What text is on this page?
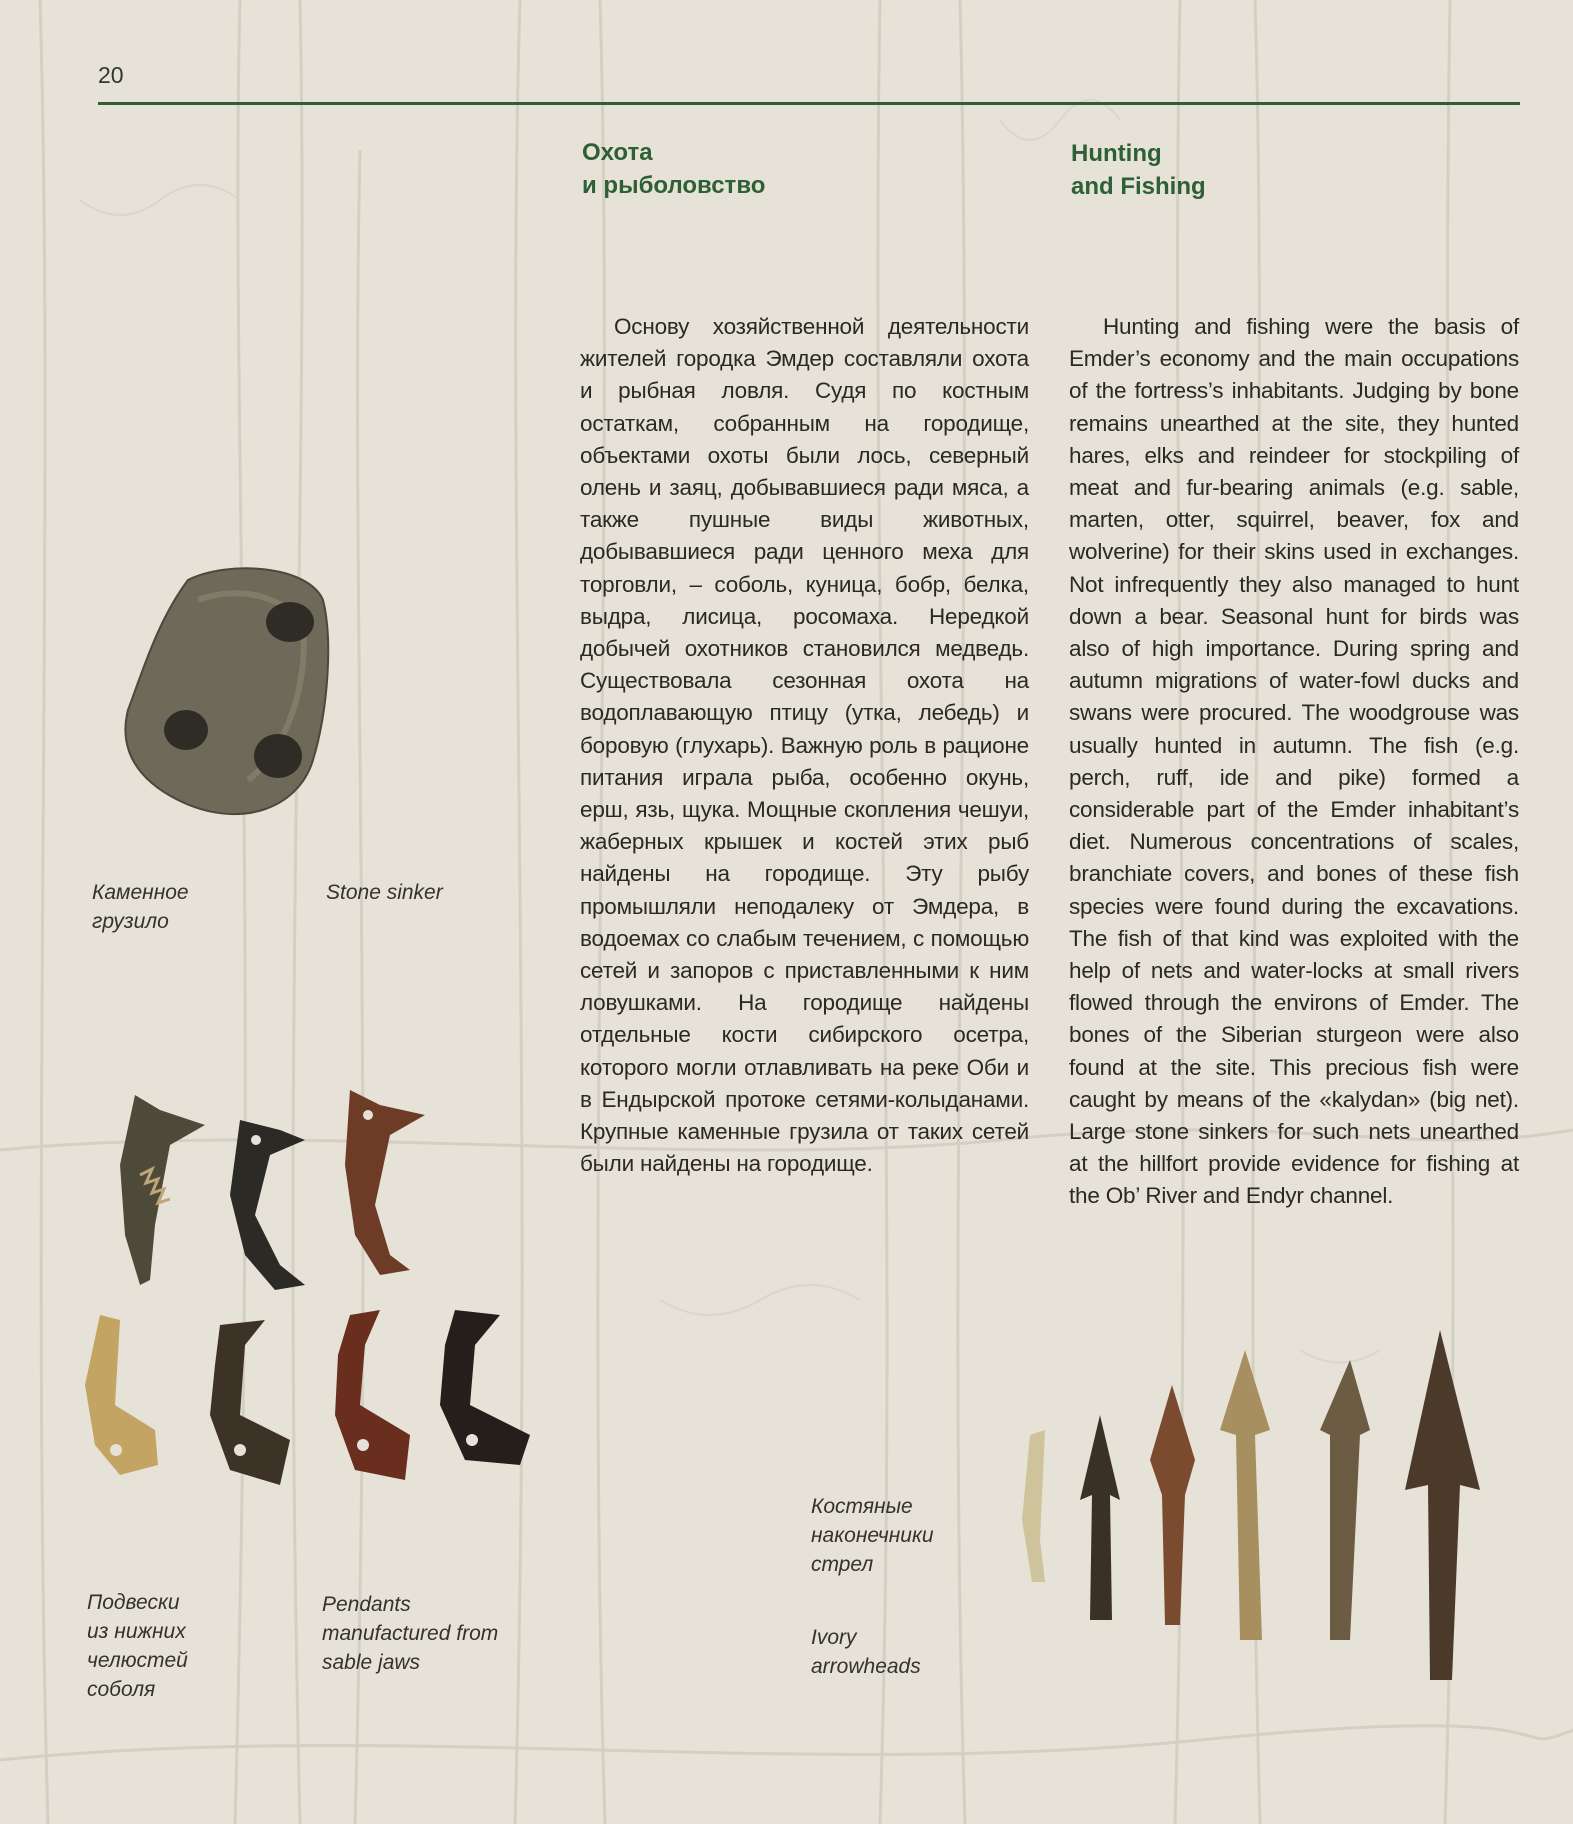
20
Охота
и рыболовство
Hunting
and Fishing

Основу хозяйственной деятельности жителей городка Эмдер составляли охота и рыбная ловля. Судя по костным остаткам, собранным на городище, объектами охоты были лось, северный олень и заяц, добывавшиеся ради мяса, а также пушные виды животных, добывавшиеся ради ценного меха для торговли, – соболь, куница, бобр, белка, выдра, лисица, росомаха. Нередкой добычей охотников становился медведь. Существовала сезонная охота на водоплавающую птицу (утка, лебедь) и боровую (глухарь). Важную роль в рационе питания играла рыба, особенно окунь, ерш, язь, щука. Мощные скопления чешуи, жаберных крышек и костей этих рыб найдены на городище. Эту рыбу промышляли неподалеку от Эмдера, в водоемах со слабым течением, с помощью сетей и запоров с приставленными к ним ловушками. На городище найдены отдельные кости сибирского осетра, которого могли отлавливать на реке Оби и в Ендырской протоке сетями-колыданами. Крупные каменные грузила от таких сетей были найдены на городище.

Hunting and fishing were the basis of Emder’s economy and the main occupations of the fortress’s inhabitants. Judging by bone remains unearthed at the site, they hunted hares, elks and reindeer for stockpiling of meat and fur-bearing animals (e.g. sable, marten, otter, squirrel, beaver, fox and wolverine) for their skins used in exchanges. Not infrequently they also managed to hunt down a bear. Seasonal hunt for birds was also of high importance. During spring and autumn migrations of water-fowl ducks and swans were procured. The woodgrouse was usually hunted in autumn. The fish (e.g. perch, ruff, ide and pike) formed a considerable part of the Emder inhabitant’s diet. Numerous concentrations of scales, branchiate covers, and bones of these fish species were found during the excavations. The fish of that kind was exploited with the help of nets and water-locks at small rivers flowed through the environs of Emder. The bones of the Siberian sturgeon were also found at the site. This precious fish were caught by means of the «kalydan» (big net). Large stone sinkers for such nets unearthed at the hillfort provide evidence for fishing at the Ob’ River and Endyr channel.

Каменное
грузило
Stone sinker
Подвески
из нижних
челюстей
соболя
Pendants
manufactured from
sable jaws
Костяные
наконечники
стрел
Ivory
arrowheads
